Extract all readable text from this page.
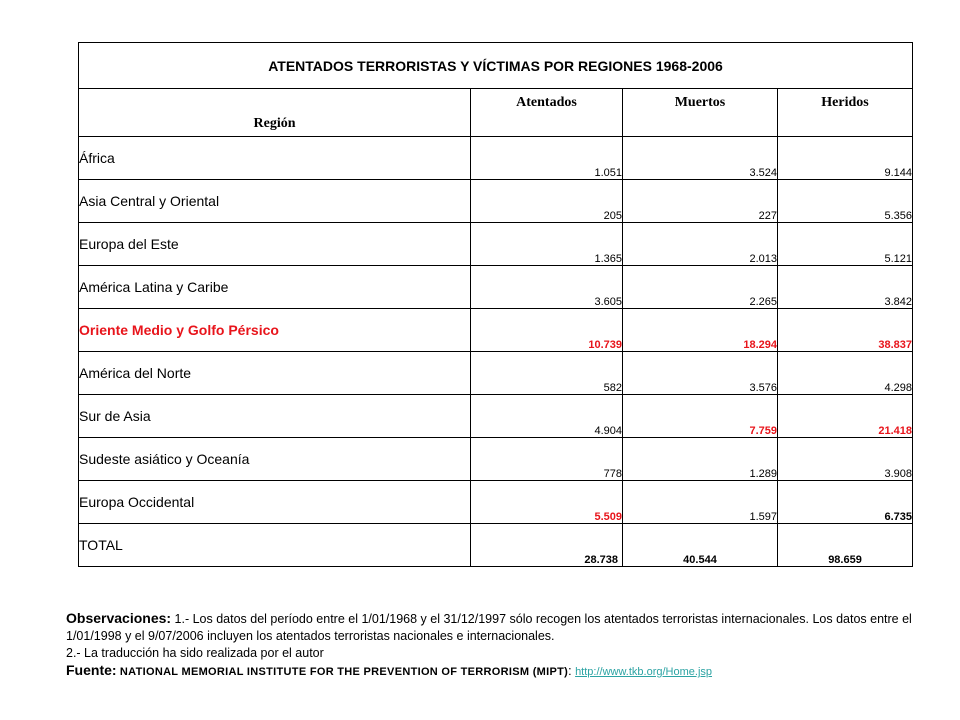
ATENTADOS TERRORISTAS Y VÍCTIMAS POR REGIONES 1968-2006			
Región	Atentados	Muertos	Heridos
África	1.051	3.524	9.144
Asia Central y Oriental	205	227	5.356
Europa del Este	1.365	2.013	5.121
América Latina y Caribe	3.605	2.265	3.842
Oriente Medio y Golfo Pérsico	10.739	18.294	38.837
América del Norte	582	3.576	4.298
Sur de Asia	4.904	7.759	21.418
Sudeste asiático y Oceanía	778	1.289	3.908
Europa Occidental	5.509	1.597	6.735
TOTAL	28.738	40.544	98.659
Observaciones: 1.- Los datos del período entre el 1/01/1968 y el 31/12/1997 sólo recogen los atentados terroristas internacionales. Los datos entre el 1/01/1998 y el 9/07/2006 incluyen los atentados terroristas nacionales e internacionales.
2.- La traducción ha sido realizada por el autor
Fuente: NATIONAL MEMORIAL INSTITUTE FOR THE PREVENTION OF TERRORISM (MIPT): http://www.tkb.org/Home.jsp
